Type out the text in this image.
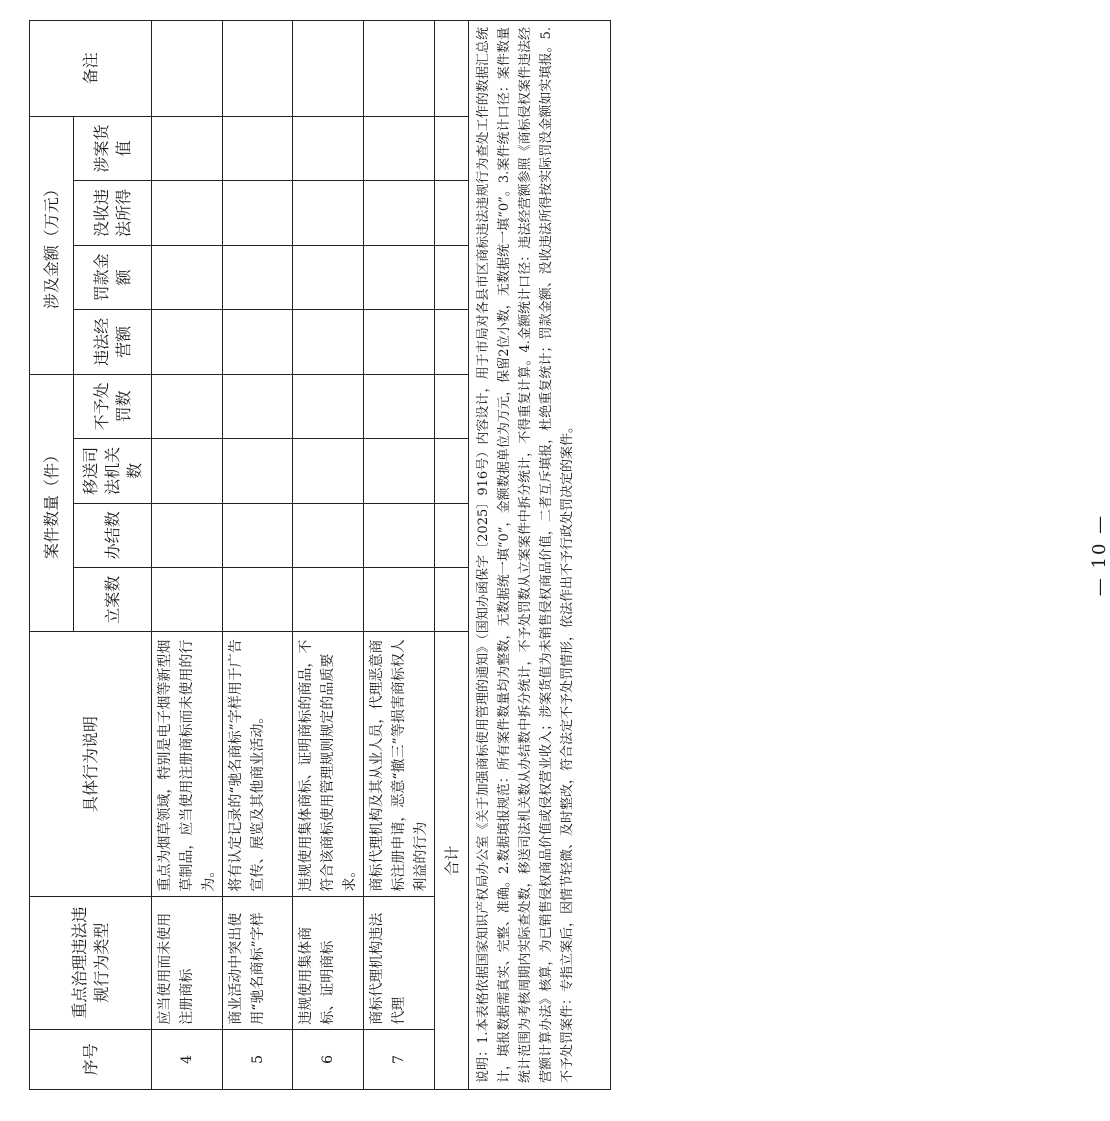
序号	重点治理违法违规行为类型	具体行为说明	案件数量（件）				涉及金额（万元）				备注
			立案数	办结数	移送司法机关数	不予处罚数	违法经营额	罚款金额	没收违法所得	涉案货值	
4	应当使用而未使用注册商标	重点为烟草领域，特别是电子烟等新型烟草制品，应当使用注册商标而未使用的行为。									
5	商业活动中突出使用“驰名商标”字样	将有认定记录的“驰名商标”字样用于广告宣传、展览及其他商业活动。									
6	违规使用集体商标、证明商标	违规使用集体商标、证明商标的商品，不符合该商标使用管理规则规定的品质要求。									
7	商标代理机构违法代理	商标代理机构及其从业人员，代理恶意商标注册申请，恶意“撤三”等损害商标权人利益的行为									
合计											
说明：1.本表格依据国家知识产权局办公室《关于加强商标使用管理的通知》（国知办函保字〔2025〕916号）内容设计，用于市局对各县市区商标违法违规行为查处工作的数据汇总统计，填报数据需真实、完整、准确。2.数据填报规范：所有案件数量均为整数，无数据统一填“0”，金额数据单位为万元，保留2位小数，无数据统一填“0”。3.案件统计口径：案件数量统计范围为考核周期内实际查处数，移送司法机关数从办结数中拆分统计，不予处罚数从立案案件中拆分统计，不得重复计算。4.金额统计口径：违法经营额参照《商标侵权案件违法经营额计算办法》核算，为已销售侵权商品价值或侵权营业收入；涉案货值为未销售侵权商品价值，二者互斥填报，杜绝重复统计；罚款金额、没收违法所得按实际罚没金额如实填报。5.不予处罚案件：专指立案后，因情节轻微、及时整改，符合法定不予处罚情形，依法作出不予行政处罚决定的案件。												— 10 —
